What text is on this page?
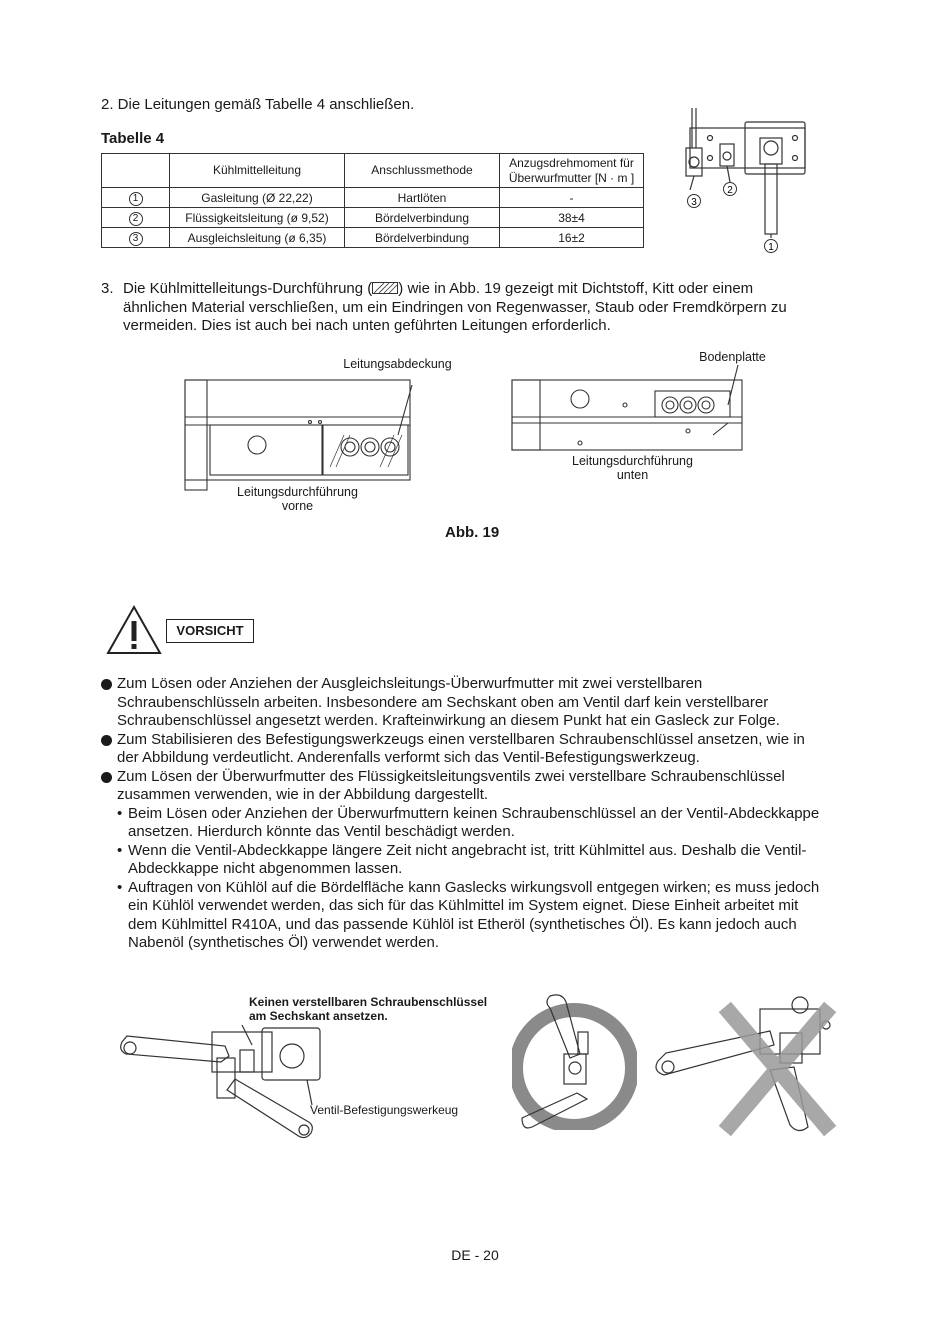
2. Die Leitungen gemäß Tabelle 4 anschließen.
Tabelle 4
	Kühlmittelleitung	Anschlussmethode	Anzugsdrehmoment für Überwurfmutter [N · m ]
1	Gasleitung (Ø 22,22)	Hartlöten	-
2	Flüssigkeitsleitung (ø 9,52)	Bördelverbindung	38±4
3	Ausgleichsleitung (ø 6,35)	Bördelverbindung	16±2
3
2
1
3. Die Kühlmittelleitungs-Durchführung ( ) wie in Abb. 19 gezeigt mit Dichtstoff, Kitt oder einem
ähnlichen Material verschließen, um ein Eindringen von Regenwasser, Staub oder Fremdkörpern zu
vermeiden. Dies ist auch bei nach unten geführten Leitungen erforderlich.
Leitungsabdeckung
Leitungsdurchführung
vorne
Bodenplatte
Leitungsdurchführung
unten
Abb. 19
VORSICHT
Zum Lösen oder Anziehen der Ausgleichsleitungs-Überwurfmutter mit zwei verstellbaren
Schraubenschlüsseln arbeiten. Insbesondere am Sechskant oben am Ventil darf kein verstellbarer
Schraubenschlüssel angesetzt werden. Krafteinwirkung an diesem Punkt hat ein Gasleck zur Folge.
Zum Stabilisieren des Befestigungswerkzeugs einen verstellbaren Schraubenschlüssel ansetzen, wie in
der Abbildung verdeutlicht. Anderenfalls verformt sich das Ventil-Befestigungswerkzeug.
Zum Lösen der Überwurfmutter des Flüssigkeitsleitungsventils zwei verstellbare Schraubenschlüssel
zusammen verwenden, wie in der Abbildung dargestellt.
• Beim Lösen oder Anziehen der Überwurfmuttern keinen Schraubenschlüssel an der Ventil-Abdeckkappe
ansetzen. Hierdurch könnte das Ventil beschädigt werden.
• Wenn die Ventil-Abdeckkappe längere Zeit nicht angebracht ist, tritt Kühlmittel aus. Deshalb die Ventil-
Abdeckkappe nicht abgenommen lassen.
• Auftragen von Kühlöl auf die Bördelfläche kann Gaslecks wirkungsvoll entgegen wirken; es muss jedoch
ein Kühlöl verwendet werden, das sich für das Kühlmittel im System eignet. Diese Einheit arbeitet mit
dem Kühlmittel R410A, und das passende Kühlöl ist Etheröl (synthetisches Öl). Es kann jedoch auch
Nabenöl (synthetisches Öl) verwendet werden.
Keinen verstellbaren Schraubenschlüssel
am Sechskant ansetzen.
Ventil-Befestigungswerkeug
DE - 20
